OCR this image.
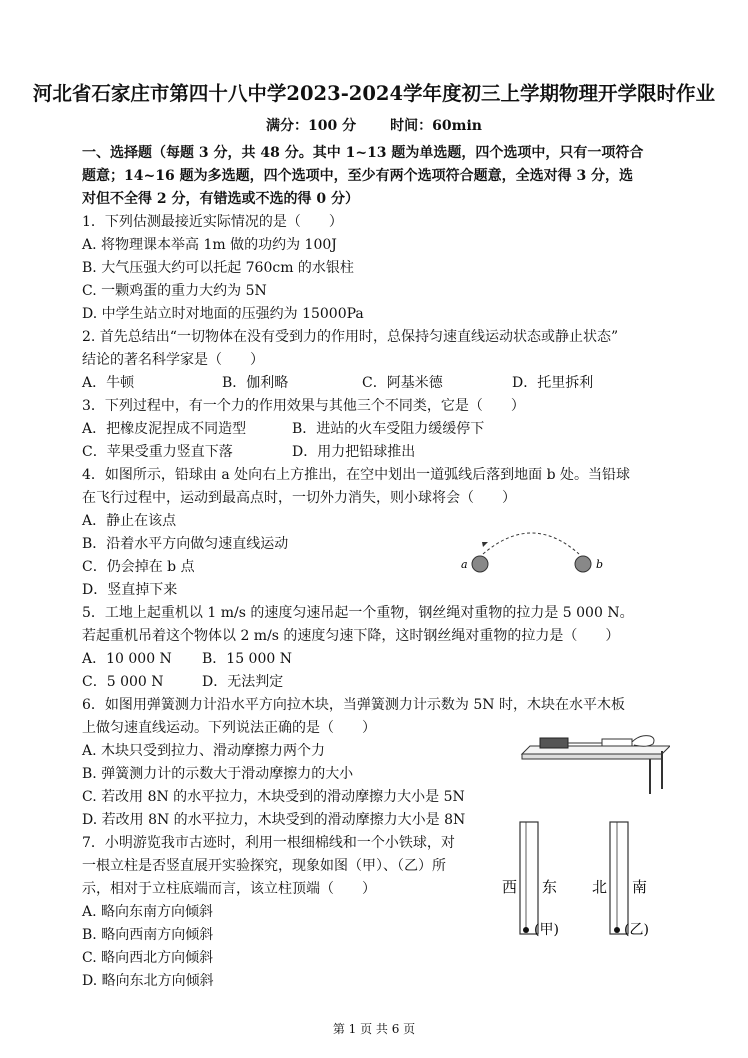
河北省石家庄市第四十八中学2023-2024学年度初三上学期物理开学限时作业
满分：100 分 时间：60min
一、选择题（每题 3 分，共 48 分。其中 1~13 题为单选题，四个选项中，只有一项符合
题意；14~16 题为多选题，四个选项中，至少有两个选项符合题意，全选对得 3 分，选
对但不全得 2 分，有错选或不选的得 0 分）
1．下列估测最接近实际情况的是（　　）
A. 将物理课本举高 1m 做的功约为 100J
B. 大气压强大约可以托起 760cm 的水银柱
C. 一颗鸡蛋的重力大约为 5N
D. 中学生站立时对地面的压强约为 15000Pa
2. 首先总结出“一切物体在没有受到力的作用时，总保持匀速直线运动状态或静止状态”
结论的著名科学家是（　　）
A．牛顿	B．伽利略	C．阿基米德	D．托里拆利
3．下列过程中，有一个力的作用效果与其他三个不同类，它是（　　）
A．把橡皮泥捏成不同造型	B．进站的火车受阻力缓缓停下
C．苹果受重力竖直下落	D．用力把铅球推出
4．如图所示，铅球由 a 处向右上方推出，在空中划出一道弧线后落到地面 b 处。当铅球
在飞行过程中，运动到最高点时，一切外力消失，则小球将会（　　）
A．静止在该点
B．沿着水平方向做匀速直线运动
C．仍会掉在 b 点
D．竖直掉下来
5．工地上起重机以 1 m/s 的速度匀速吊起一个重物，钢丝绳对重物的拉力是 5 000 N。
若起重机吊着这个物体以 2 m/s 的速度匀速下降，这时钢丝绳对重物的拉力是（　　）
A．10 000 N	B．15 000 N
C．5 000 N	D．无法判定
6．如图用弹簧测力计沿水平方向拉木块，当弹簧测力计示数为 5N 时，木块在水平木板
上做匀速直线运动。下列说法正确的是（　　）
A. 木块只受到拉力、滑动摩擦力两个力
B. 弹簧测力计的示数大于滑动摩擦力的大小
C. 若改用 8N 的水平拉力，木块受到的滑动摩擦力大小是 5N
D. 若改用 8N 的水平拉力，木块受到的滑动摩擦力大小是 8N
7．小明游览我市古迹时，利用一根细棉线和一个小铁球，对
一根立柱是否竖直展开实验探究，现象如图（甲）、（乙）所
示，相对于立柱底端而言，该立柱顶端（　　）
A. 略向东南方向倾斜
B. 略向西南方向倾斜
C. 略向西北方向倾斜
D. 略向东北方向倾斜
a	b
西 东
(甲)
北 南
(乙)
第 1 页 共 6 页
